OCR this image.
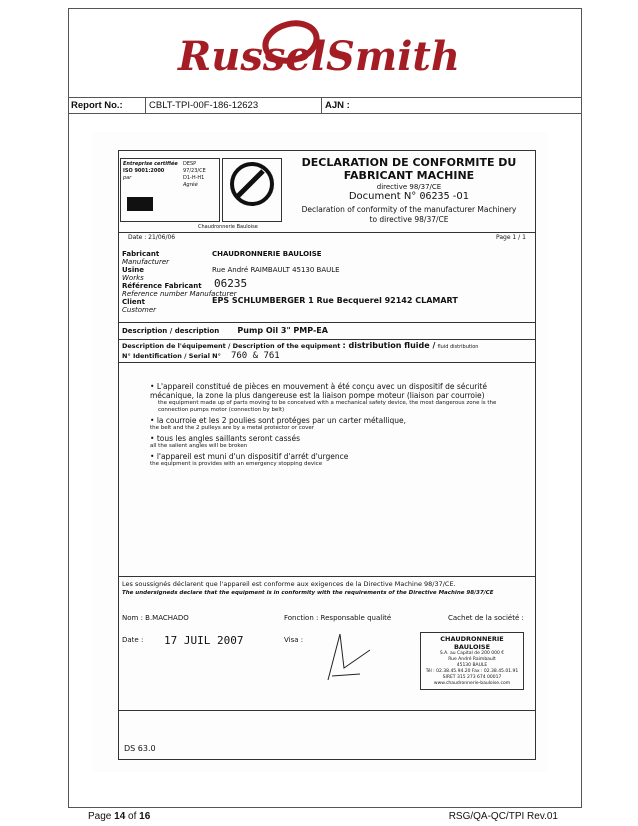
RusselSmith
Report No.:	CBLT-TPI-00F-186-12623	AJN :
Entreprise certifiée
ISO 9001:2000
par
DESP
97/23/CE
D1-H-H1
Agréé
Chaudronnerie Bauloise
DECLARATION DE CONFORMITE DU
FABRICANT MACHINE
directive 98/37/CE
Document N° 06235 -01
Declaration of conformity of the manufacturer Machinery
to directive 98/37/CE
Date : 21/06/06	Page 1 / 1
Fabricant
Manufacturer
CHAUDRONNERIE BAULOISE
Usine
Works
Rue André RAIMBAULT 45130 BAULE
Référence Fabricant
Reference number Manufacturer
06235
Client
Customer
EPS SCHLUMBERGER 1 Rue Becquerel 92142 CLAMART
Description / description Pump Oil 3" PMP-EA
Description de l'équipement / Description of the equipment : distribution fluide / fluid distribution
N° Identification / Serial N° 760 & 761
• L'appareil constitué de pièces en mouvement à été conçu avec un dispositif de sécurité mécanique, la zone la plus dangereuse est la liaison pompe moteur (liaison par courroie)
the equipment made up of parts moving to be conceived with a mechanical safety device, the most dangerous zone is the connection pumps motor (connection by belt)
• la courroie et les 2 poulies sont protéges par un carter métallique,
the belt and the 2 pulleys are by a metal protector or cover
• tous les angles saillants seront cassés
all the salient angles will be broken
• l'appareil est muni d'un dispositif d'arrét d'urgence
the equipment is provides with an emergency stopping device
Les soussignés déclarent que l'appareil est conforme aux exigences de la Directive Machine 98/37/CE.
The undersigneds declare that the equipment is in conformity with the requirements of the Directive Machine 98/37/CE
Nom : B.MACHADO	Fonction : Responsable qualité	Cachet de la société :
Date : 17 JUIL 2007	Visa :	CHAUDRONNERIE
BAULOISE
S.A. au Capital de 200 000 €
Rue André Raimbault
45130 BAULE
Tél : 02.38.45.94.20 Fax : 02.38.45.01.91
SIRET 315 273 674 00017
www.chaudronnerie-bauloise.com
DS 63.0
Page 14 of 16	RSG/QA-QC/TPI Rev.01
